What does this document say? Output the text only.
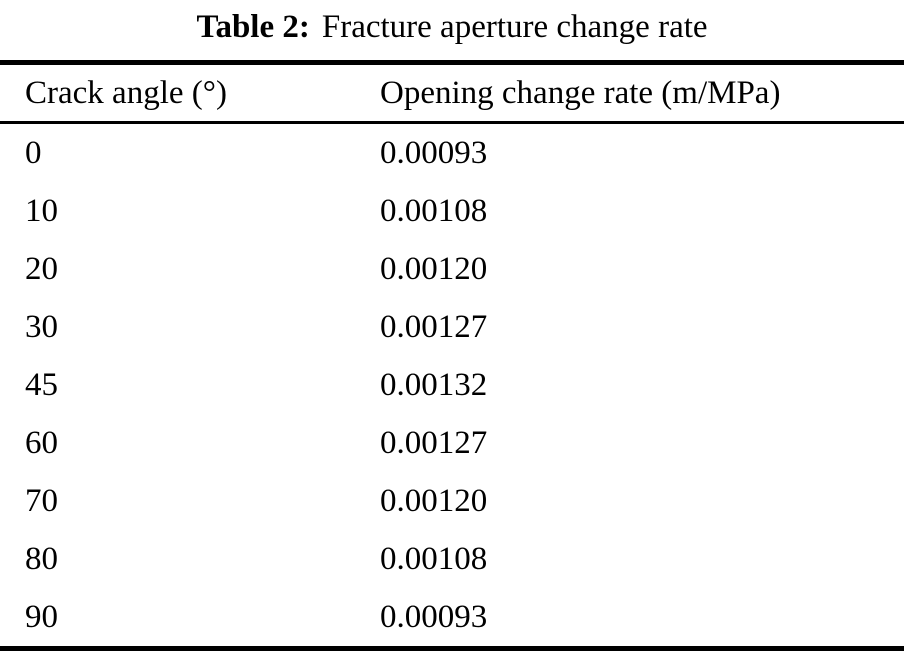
Table 2: Fracture aperture change rate
Crack angle (°)	Opening change rate (m/MPa)
0	0.00093
10	0.00108
20	0.00120
30	0.00127
45	0.00132
60	0.00127
70	0.00120
80	0.00108
90	0.00093
